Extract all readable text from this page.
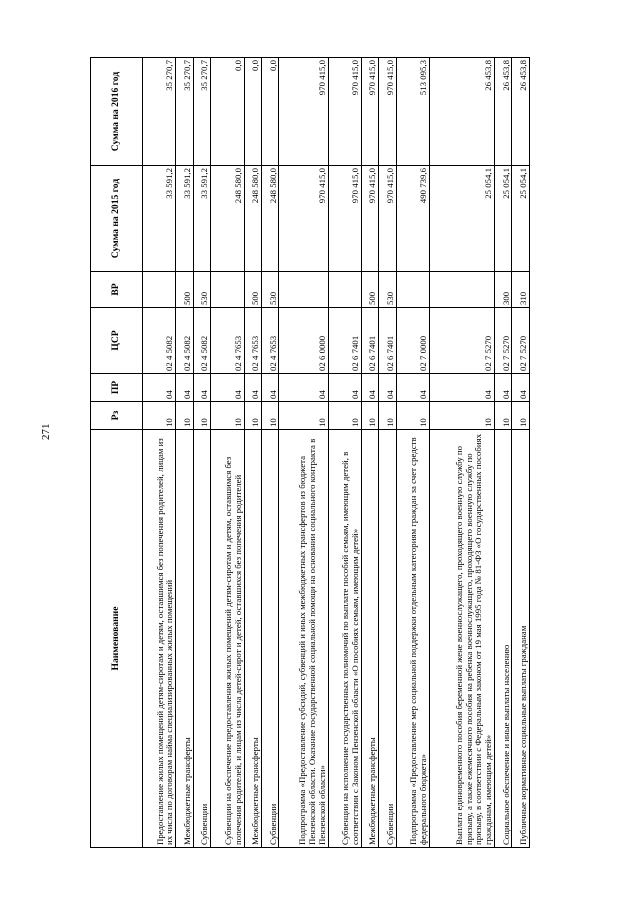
271
Наименование	Рз	ПР	ЦСР	ВР	Сумма на 2015 год	Сумма на 2016 год
Предоставление жилых помещений детям-сиротам и детям, оставшимся без попечения родителей, лицам из их числа по договорам найма специализированных жилых помещений	10	04	02 4 5082		33 591,2	35 270,7
Межбюджетные трансферты	10	04	02 4 5082	500	33 591,2	35 270,7
Субвенции	10	04	02 4 5082	530	33 591,2	35 270,7
Субвенции на обеспечение предоставления жилых помещений детям-сиротам и детям, оставшимся без попечения родителей, и лицам из числа детей-сирот и детей, оставшихся без попечения родителей	10	04	02 4 7653		248 580,0	0,0
Межбюджетные трансферты	10	04	02 4 7653	500	248 580,0	0,0
Субвенции	10	04	02 4 7653	530	248 580,0	0,0
Подпрограмма «Предоставление субсидий, субвенций и иных межбюджетных трансфертов из бюджета Пензенской области. Оказание государственной социальной помощи на основании социального контракта в Пензенской области»	10	04	02 6 0000		970 415,0	970 415,0
Субвенции на исполнение государственных полномочий по выплате пособий семьям, имеющим детей, в соответствии с Законом Пензенской области «О пособиях семьям, имеющим детей»	10	04	02 6 7401		970 415,0	970 415,0
Межбюджетные трансферты	10	04	02 6 7401	500	970 415,0	970 415,0
Субвенции	10	04	02 6 7401	530	970 415,0	970 415,0
Подпрограмма «Предоставление мер социальной поддержки отдельным категориям граждан за счет средств федерального бюджета»	10	04	02 7 0000		490 739,6	513 095,3
Выплата единовременного пособия беременной жене военнослужащего, проходящего военную службу по призыву, а также ежемесячного пособия на ребенка военнослужащего, проходящего военную службу по призыву, в соответствии с Федеральным законом от 19 мая 1995 года № 81-ФЗ «О государственных пособиях гражданам, имеющим детей»	10	04	02 7 5270		25 054,1	26 453,8
Социальное обеспечение и иные выплаты населению	10	04	02 7 5270	300	25 054,1	26 453,8
Публичные нормативные социальные выплаты гражданам	10	04	02 7 5270	310	25 054,1	26 453,8
